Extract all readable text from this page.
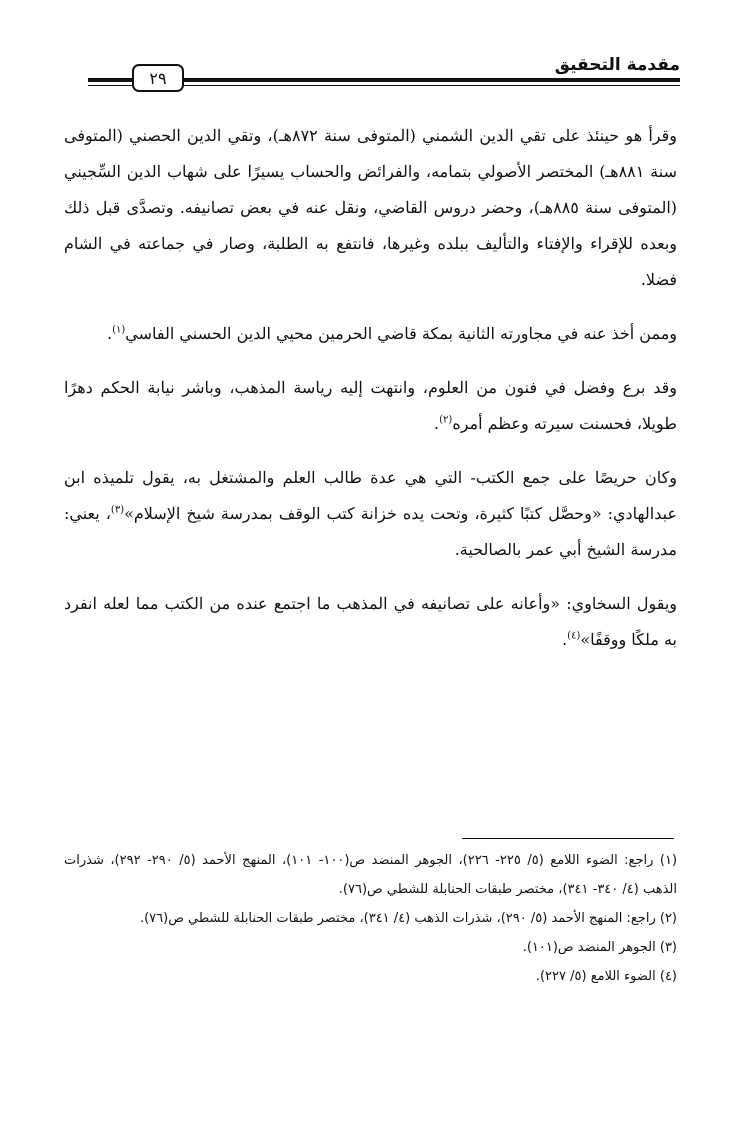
٢٩
مقدمة التحقيق

وقرأ هو حينئذ على تقي الدين الشمني (المتوفى سنة ٨٧٢هـ)، وتقي الدين الحصني (المتوفى سنة ٨٨١هـ) المختصر الأصولي بتمامه، والفرائض والحساب يسيرًا على شهاب الدين السِّجيني (المتوفى سنة ٨٨٥هـ)، وحضر دروس القاضي، ونقل عنه في بعض تصانيفه. وتصدَّى قبل ذلك وبعده للإقراء والإفتاء والتأليف ببلده وغيرها، فانتفع به الطلبة، وصار في جماعته في الشام فضلا.

وممن أخذ عنه في مجاورته الثانية بمكة قاضي الحرمين محيي الدين الحسني الفاسي$^{(١)}$.

وقد برع وفضل في فنون من العلوم، وانتهت إليه رياسة المذهب، وباشر نيابة الحكم دهرًا طويلا، فحسنت سيرته وعظم أمره$^{(٢)}$.

وكان حريصًا على جمع الكتب- التي هي عدة طالب العلم والمشتغل به، يقول تلميذه ابن عبدالهادي: «وحصَّل كتبًا كثيرة، وتحت يده خزانة كتب الوقف بمدرسة شيخ الإسلام»$^{(٣)}$، يعني: مدرسة الشيخ أبي عمر بالصالحية.

ويقول السخاوي: «وأعانه على تصانيفه في المذهب ما اجتمع عنده من الكتب مما لعله انفرد به ملكًا ووقفًا»$^{(٤)}$.

(١) راجع: الضوء اللامع (٥/ ٢٢٥- ٢٢٦)، الجوهر المنضد ص(١٠٠- ١٠١)، المنهج الأحمد (٥/ ٢٩٠- ٢٩٢)، شذرات الذهب (٤/ ٣٤٠- ٣٤١)، مختصر طبقات الحنابلة للشطي ص(٧٦).

(٢) راجع: المنهج الأحمد (٥/ ٢٩٠)، شذرات الذهب (٤/ ٣٤١)، مختصر طبقات الحنابلة للشطي ص(٧٦).

(٣) الجوهر المنضد ص(١٠١).

(٤) الضوء اللامع (٥/ ٢٢٧).
